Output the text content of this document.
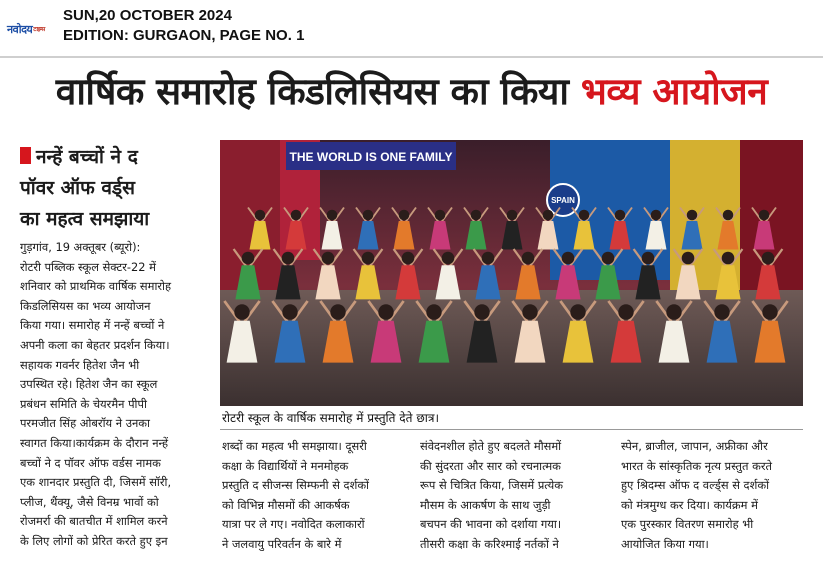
नवोदयटाइम्स
SUN,20 OCTOBER 2024
EDITION: GURGAON, PAGE NO. 1
वार्षिक समारोह किडलिसियस का किया भव्य आयोजन
नन्हें बच्चों ने द
पॉवर ऑफ वर्ड्स
का महत्व समझाया
गुड़गांव, 19 अक्तूबर (ब्यूरो):
रोटरी पब्लिक स्कूल सेक्टर-22 में
शनिवार को प्राथमिक वार्षिक समारोह
किडलिसियस का भव्य आयोजन
किया गया। समारोह में नन्हें बच्चों ने
अपनी कला का बेहतर प्रदर्शन किया।
सहायक गवर्नर हितेश जैन भी
उपस्थित रहे। हितेश जैन का स्कूल
प्रबंधन समिति के चेयरमैन पीपी
परमजीत सिंह ओबरॉय ने उनका
स्वागत किया।कार्यक्रम के दौरान नन्हें
बच्चों ने द पॉवर ऑफ वर्डस नामक
एक शानदार प्रस्तुति दी, जिसमें सॉरी,
प्लीज, थैंक्यू, जैसे विनम्र भावों को
रोजमर्रा की बातचीत में शामिल करने
के लिए लोगों को प्रेरित करते हुए इन
THE WORLD IS ONE FAMILY
SPAIN
रोटरी स्कूल के वार्षिक समारोह में प्रस्तुति देते छात्र।
शब्दों का महत्व भी समझाया। दूसरी
कक्षा के विद्यार्थियों ने मनमोहक
प्रस्तुति द सीजन्स सिम्फनी से दर्शकों
को विभिन्न मौसमों की आकर्षक
यात्रा पर ले गए। नवोदित कलाकारों
ने जलवायु परिवर्तन के बारे में
संवेदनशील होते हुए बदलते मौसमों
की सुंदरता और सार को रचनात्मक
रूप से चित्रित किया, जिसमें प्रत्येक
मौसम के आकर्षण के साथ जुड़ी
बचपन की भावना को दर्शाया गया।
तीसरी कक्षा के करिश्माई नर्तकों ने
स्पेन, ब्राजील, जापान, अफ्रीका और
भारत के सांस्कृतिक नृत्य प्रस्तुत करते
हुए श्रिदम्स ऑफ द वर्ल्ड्स से दर्शकों
को मंत्रमुग्ध कर दिया। कार्यक्रम में
एक पुरस्कार वितरण समारोह भी
आयोजित किया गया।
